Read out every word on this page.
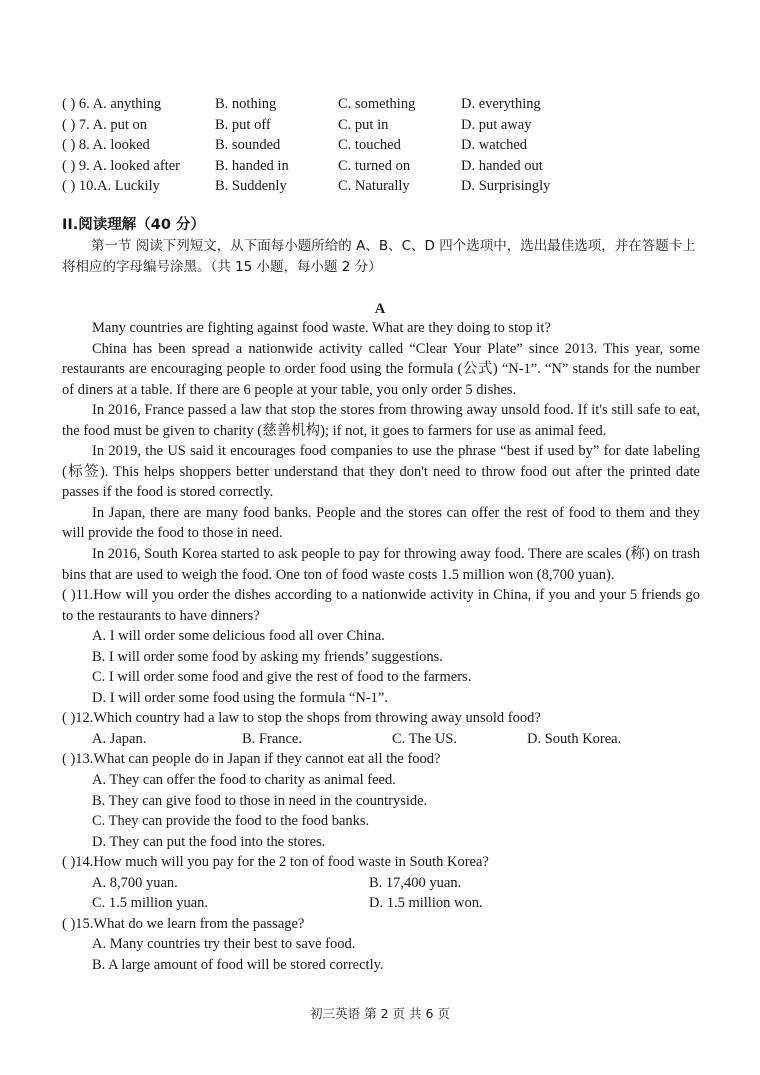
( ) 6. A. anything	B. nothing	C. something	D. everything
( ) 7. A. put on	B. put off	C. put in	D. put away
( ) 8. A. looked	B. sounded	C. touched	D. watched
( ) 9. A. looked after B. handed in	C. turned on	D. handed out
( ) 10.A. Luckily	B. Suddenly	C. Naturally	D. Surprisingly
II.阅读理解（40 分）
第一节 阅读下列短文，从下面每小题所给的 A、B、C、D 四个选项中，选出最佳选项，并在答题卡上将相应的字母编号涂黑。（共 15 小题，每小题 2 分）
A

Many countries are fighting against food waste. What are they doing to stop it?

China has been spread a nationwide activity called “Clear Your Plate” since 2013. This year, some restaurants are encouraging people to order food using the formula (公式) “N-1”. “N” stands for the number of diners at a table. If there are 6 people at your table, you only order 5 dishes.

In 2016, France passed a law that stop the stores from throwing away unsold food. If it's still safe to eat, the food must be given to charity (慈善机构); if not, it goes to farmers for use as animal feed.

In 2019, the US said it encourages food companies to use the phrase “best if used by” for date labeling (标签). This helps shoppers better understand that they don't need to throw food out after the printed date passes if the food is stored correctly.

In Japan, there are many food banks. People and the stores can offer the rest of food to them and they will provide the food to those in need.

In 2016, South Korea started to ask people to pay for throwing away food. There are scales (称) on trash bins that are used to weigh the food. One ton of food waste costs 1.5 million won (8,700 yuan).

( )11.How will you order the dishes according to a nationwide activity in China, if you and your 5 friends go to the restaurants to have dinners?

A. I will order some delicious food all over China.

B. I will order some food by asking my friends’ suggestions.

C. I will order some food and give the rest of food to the farmers.

D. I will order some food using the formula “N-1”.

( )12.Which country had a law to stop the shops from throwing away unsold food?

A. Japan.	B. France.	C. The US.	D. South Korea.

( )13.What can people do in Japan if they cannot eat all the food?

A. They can offer the food to charity as animal feed.

B. They can give food to those in need in the countryside.

C. They can provide the food to the food banks.

D. They can put the food into the stores.

( )14.How much will you pay for the 2 ton of food waste in South Korea?

A. 8,700 yuan.	B. 17,400 yuan.
C. 1.5 million yuan.	D. 1.5 million won.

( )15.What do we learn from the passage?

A. Many countries try their best to save food.

B. A large amount of food will be stored correctly.

初三英语 第 2 页 共 6 页
